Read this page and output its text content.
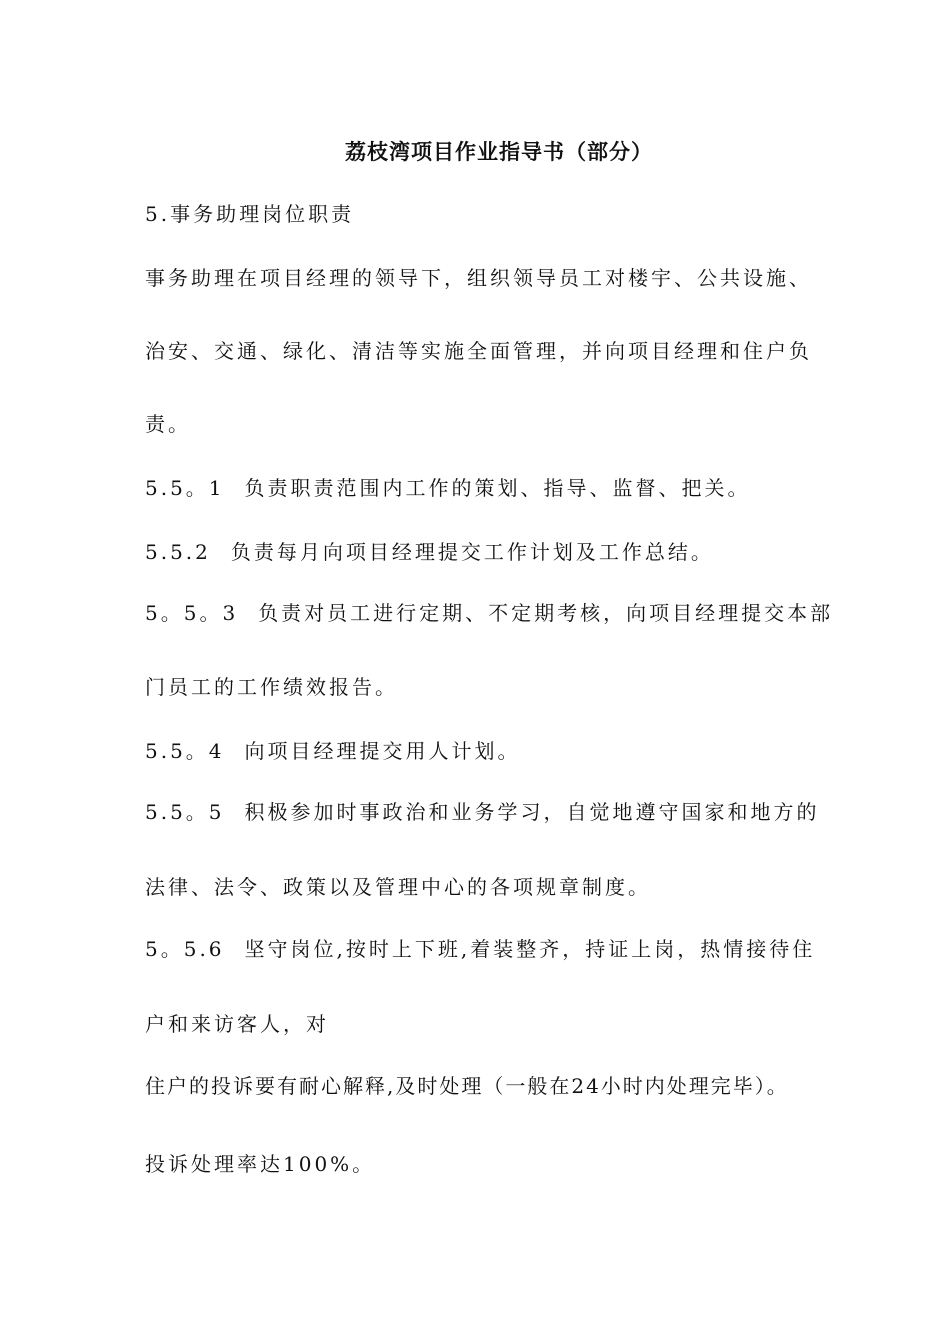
荔枝湾项目作业指导书（部分）
5.事务助理岗位职责
事务助理在项目经理的领导下，组织领导员工对楼宇、公共设施、
治安、交通、绿化、清洁等实施全面管理，并向项目经理和住户负
责。
5.5。1 负责职责范围内工作的策划、指导、监督、把关。
5.5.2 负责每月向项目经理提交工作计划及工作总结。
5。5。3 负责对员工进行定期、不定期考核，向项目经理提交本部
门员工的工作绩效报告。
5.5。4 向项目经理提交用人计划。
5.5。5 积极参加时事政治和业务学习，自觉地遵守国家和地方的
法律、法令、政策以及管理中心的各项规章制度。
5。5.6 坚守岗位,按时上下班,着装整齐，持证上岗，热情接待住
户和来访客人，对
住户的投诉要有耐心解释,及时处理（一般在24小时内处理完毕）。
投诉处理率达100%。
